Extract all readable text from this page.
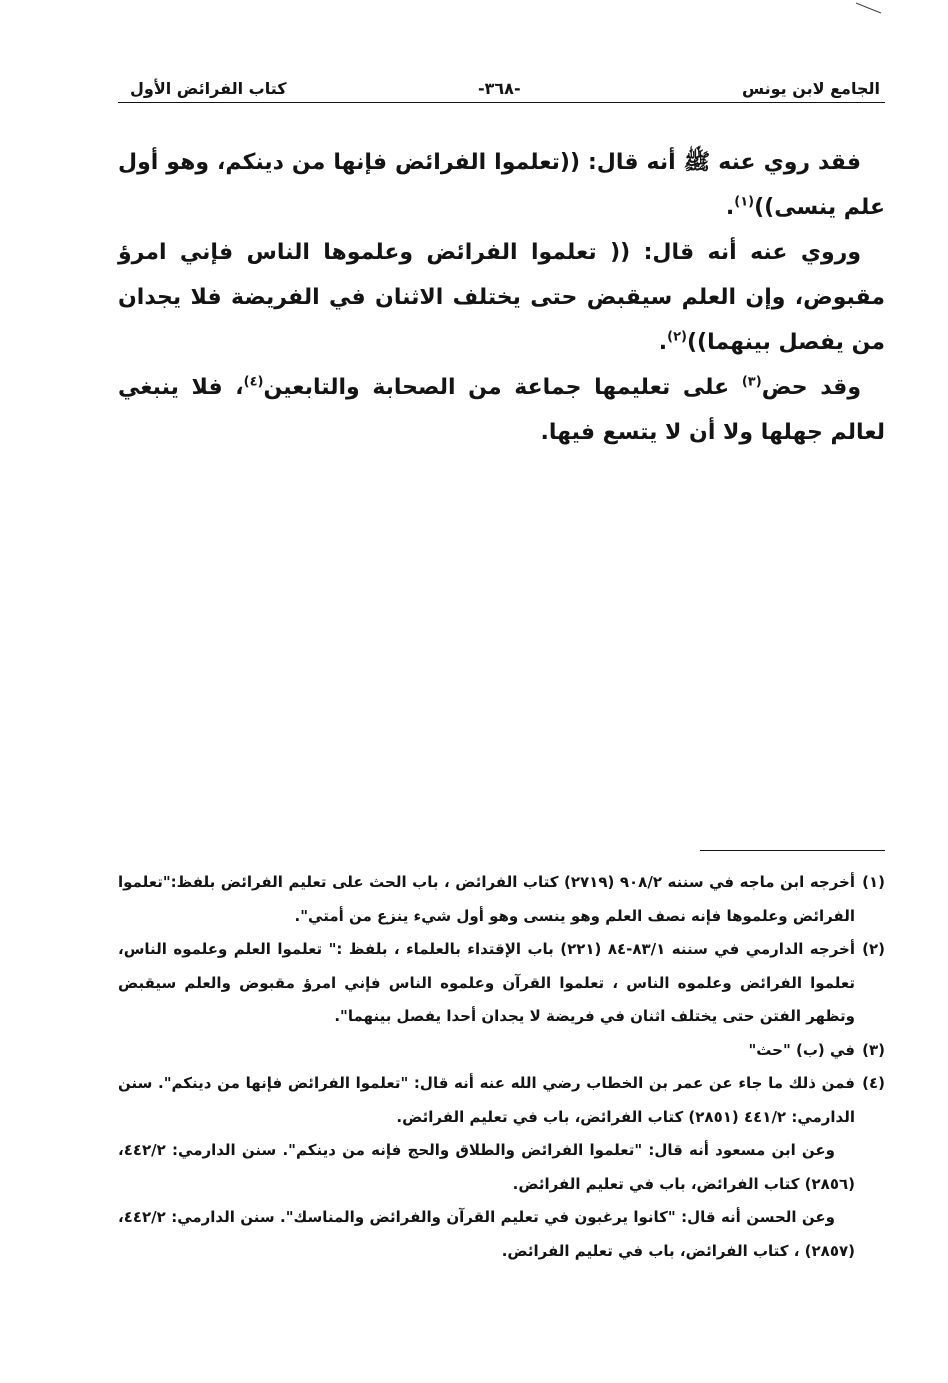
الجامع لابن يونس
-٣٦٨-
كتاب الفرائض الأول

فقد روي عنه ﷺ أنه قال: ((تعلموا الفرائض فإنها من دينكم، وهو أول علم ينسى))$^{(١)}$.

وروي عنه أنه قال: (( تعلموا الفرائض وعلموها الناس فإني امرؤ مقبوض، وإن العلم سيقبض حتى يختلف الاثنان في الفريضة فلا يجدان من يفصل بينهما))$^{(٢)}$.

وقد حض$^{(٣)}$ على تعليمها جماعة من الصحابة والتابعين$^{(٤)}$، فلا ينبغي لعالم جهلها ولا أن لا يتسع فيها.

(١)
أخرجه ابن ماجه في سننه ٩٠٨/٢ (٢٧١٩) كتاب الفرائض ، باب الحث على تعليم الفرائض بلفظ:"تعلموا الفرائض وعلموها فإنه نصف العلم وهو ينسى وهو أول شيء ينزع من أمتي".
(٢)
أخرجه الدارمي في سننه ٨٣/١-٨٤ (٢٢١) باب الإقتداء بالعلماء ، بلفظ :" تعلموا العلم وعلموه الناس، تعلموا الفرائض وعلموه الناس ، تعلموا القرآن وعلموه الناس فإني امرؤ مقبوض والعلم سيقبض وتظهر الفتن حتى يختلف اثنان في فريضة لا يجدان أحدا يفصل بينهما".
(٣)
في (ب) "حث"
(٤)
فمن ذلك ما جاء عن عمر بن الخطاب رضي الله عنه أنه قال: "تعلموا الفرائض فإنها من دينكم". سنن الدارمي: ٤٤١/٢ (٢٨٥١) كتاب الفرائض، باب في تعليم الفرائض.
وعن ابن مسعود أنه قال: "تعلموا الفرائض والطلاق والحج فإنه من دينكم". سنن الدارمي: ٤٤٢/٢، (٢٨٥٦) كتاب الفرائض، باب في تعليم الفرائض.
وعن الحسن أنه قال: "كانوا يرغبون في تعليم القرآن والفرائض والمناسك". سنن الدارمي: ٤٤٢/٢، (٢٨٥٧) ، كتاب الفرائض، باب في تعليم الفرائض.
